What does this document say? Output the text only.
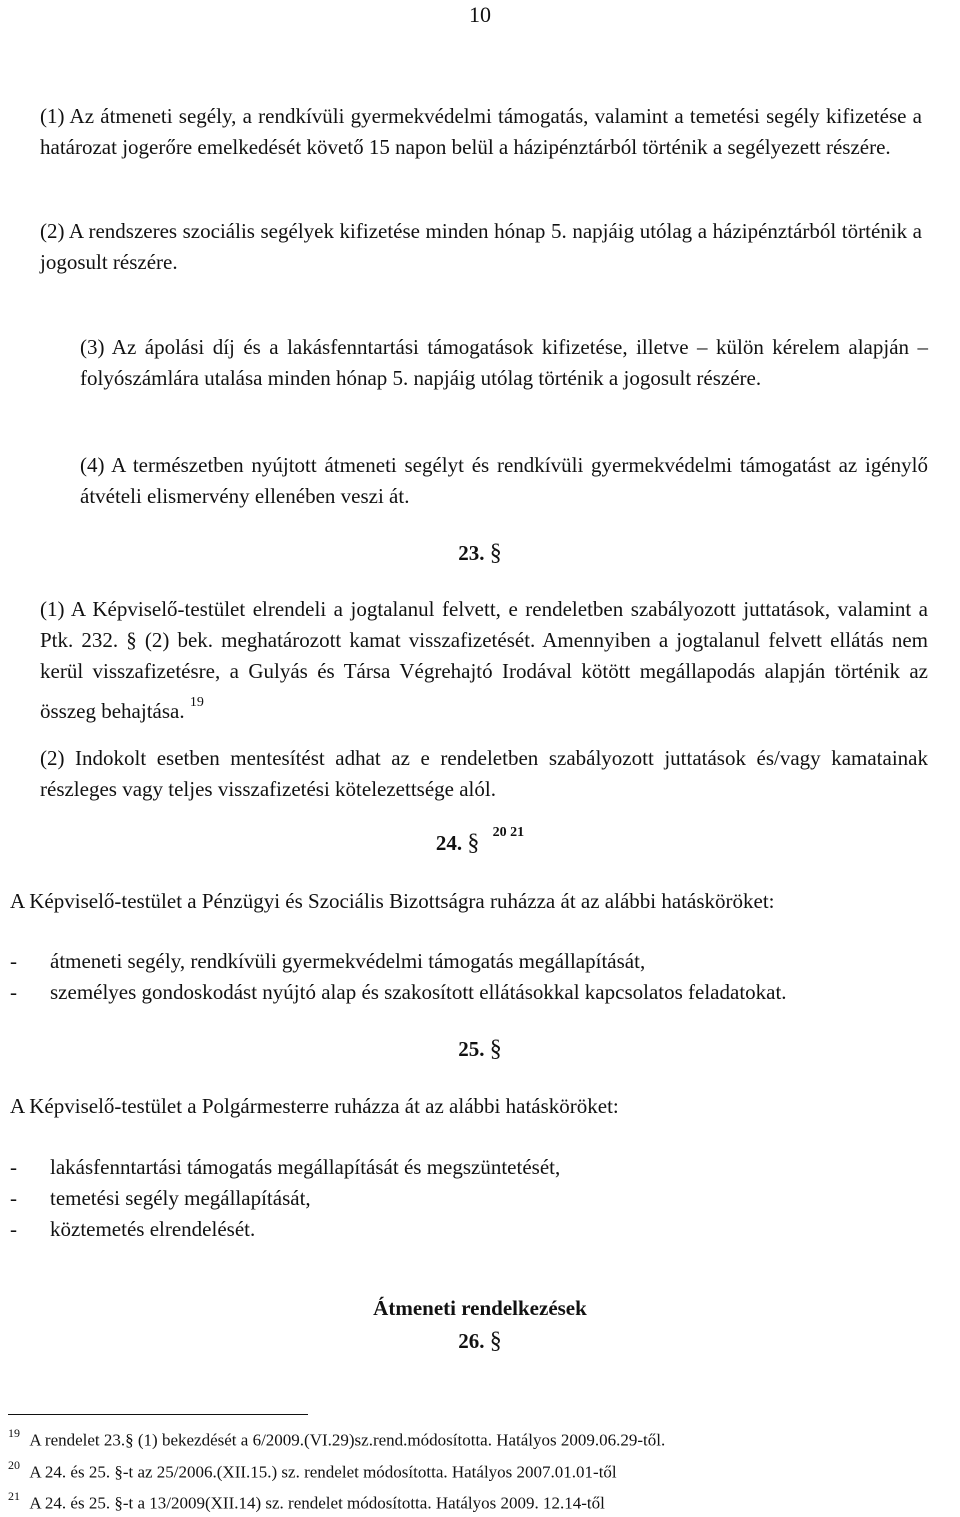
10
(1) Az átmeneti segély, a rendkívüli gyermekvédelmi támogatás, valamint a temetési segély kifizetése a határozat jogerőre emelkedését követő 15 napon belül a házipénztárból történik a segélyezett részére.
(2) A rendszeres szociális segélyek kifizetése minden hónap 5. napjáig utólag a házipénztárból történik a jogosult részére.
(3) Az ápolási díj és a lakásfenntartási támogatások kifizetése, illetve – külön kérelem alapján – folyószámlára utalása minden hónap 5. napjáig utólag történik a jogosult részére.
(4) A természetben nyújtott átmeneti segélyt és rendkívüli gyermekvédelmi támogatást az igénylő átvételi elismervény ellenében veszi át.
23. §
(1) A Képviselő-testület elrendeli a jogtalanul felvett, e rendeletben szabályozott juttatások, valamint a Ptk. 232. § (2) bek. meghatározott kamat visszafizetését. Amennyiben a jogtalanul felvett ellátás nem kerül visszafizetésre, a Gulyás és Társa Végrehajtó Irodával kötött megállapodás alapján történik az összeg behajtása. $^{19}$
(2) Indokolt esetben mentesítést adhat az e rendeletben szabályozott juttatások és/vagy kamatainak részleges vagy teljes visszafizetési kötelezettsége alól.
24. § $^{20 21}$
A Képviselő-testület a Pénzügyi és Szociális Bizottságra ruházza át az alábbi hatásköröket:
-	átmeneti segély, rendkívüli gyermekvédelmi támogatás megállapítását,
-	személyes gondoskodást nyújtó alap és szakosított ellátásokkal kapcsolatos feladatokat.
25. §
A Képviselő-testület a Polgármesterre ruházza át az alábbi hatásköröket:
-	lakásfenntartási támogatás megállapítását és megszüntetését,
-	temetési segély megállapítását,
-	köztemetés elrendelését.
Átmeneti rendelkezések
26. §
$^{19}$ A rendelet 23.§ (1) bekezdését a 6/2009.(VI.29)sz.rend.módosította. Hatályos 2009.06.29-től.
$^{20}$ A 24. és 25. §-t az 25/2006.(XII.15.) sz. rendelet módosította. Hatályos 2007.01.01-től
$^{21}$ A 24. és 25. §-t a 13/2009(XII.14) sz. rendelet módosította. Hatályos 2009. 12.14-től
